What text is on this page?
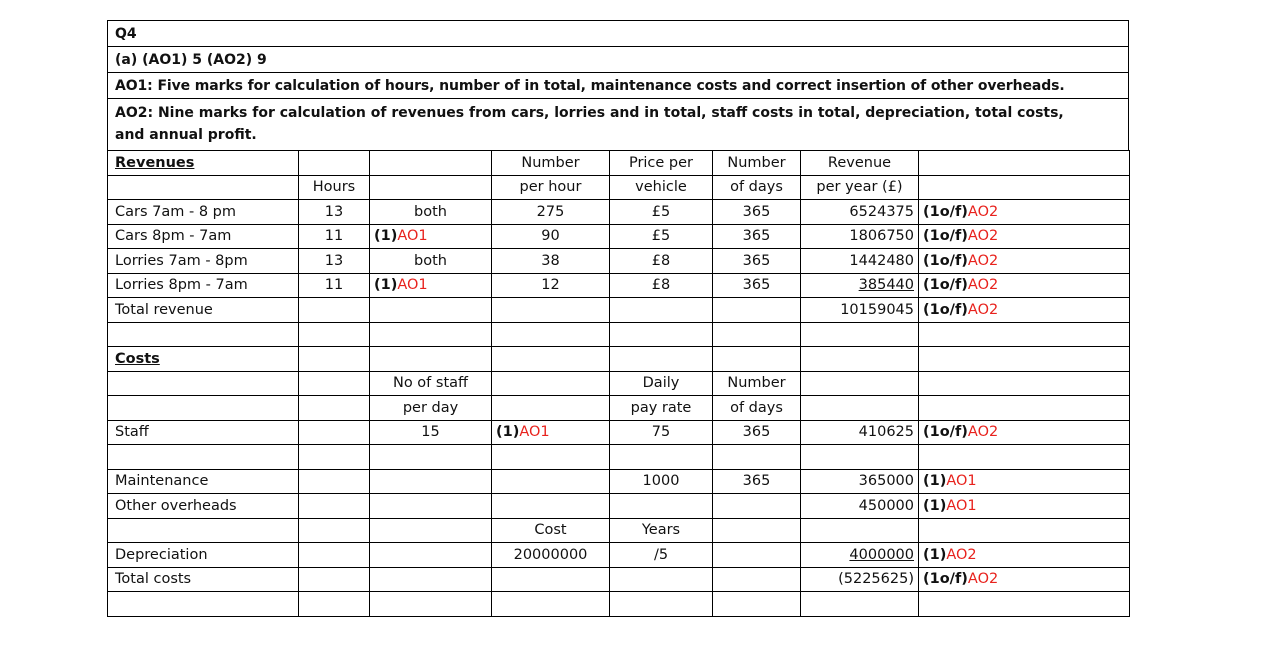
Q4
(a) (AO1) 5 (AO2) 9
AO1: Five marks for calculation of hours, number of in total, maintenance costs and correct insertion of other overheads.
AO2: Nine marks for calculation of revenues from cars, lorries and in total, staff costs in total, depreciation, total costs,
and annual profit.
Revenues			Number	Price per	Number	Revenue	
	Hours		per hour	vehicle	of days	per year (£)	
Cars 7am - 8 pm	13	both	275	£5	365	6524375	(1o/f)AO2
Cars 8pm - 7am	11	(1)AO1	90	£5	365	1806750	(1o/f)AO2
Lorries 7am - 8pm	13	both	38	£8	365	1442480	(1o/f)AO2
Lorries 8pm - 7am	11	(1)AO1	12	£8	365	385440	(1o/f)AO2
Total revenue						10159045	(1o/f)AO2

Costs							
		No of staff		Daily	Number		
		per day		pay rate	of days		
Staff		15	(1)AO1	75	365	410625	(1o/f)AO2

Maintenance				1000	365	365000	(1)AO1
Other overheads						450000	(1)AO1
			Cost	Years			
Depreciation			20000000	/5		4000000	(1)AO2
Total costs						(5225625)	(1o/f)AO2
